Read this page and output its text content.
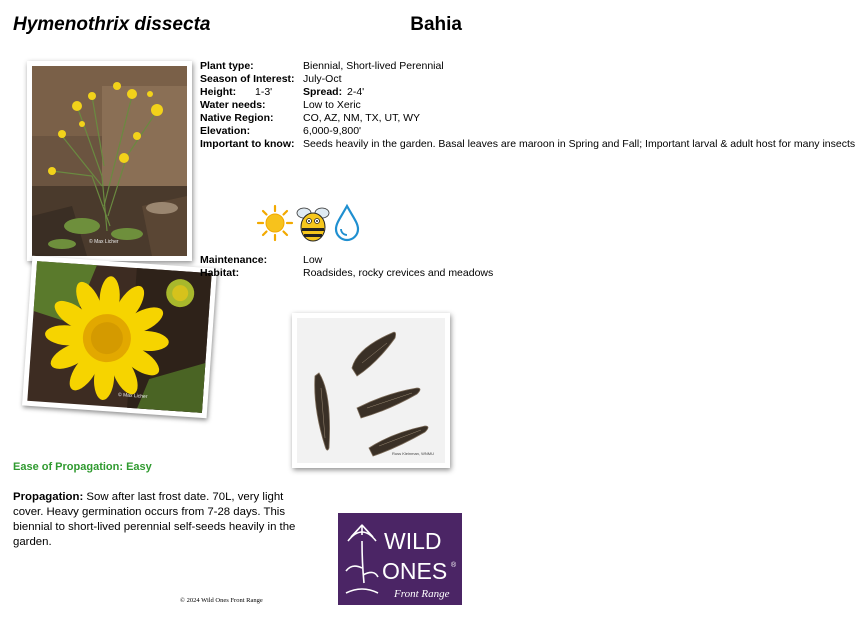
Hymenothrix dissecta	Bahia
© Max Licher
© Max Licher
Plant type:	Biennial, Short-lived Perennial
Season of Interest: July-Oct
Height: 1-3'	Spread: 2-4'
Water needs:	Low to Xeric
Native Region:	CO, AZ, NM, TX, UT, WY
Elevation:	6,000-9,800'
Important to know: Seeds heavily in the garden. Basal leaves are maroon in Spring and Fall; Important larval & adult host for many insects
Maintenance:	Low
Habitat:	Roadsides, rocky crevices and meadows
Russ Kleinman, WNMU
Ease of Propagation: Easy
Propagation: Sow after last frost date. 70L, very light cover. Heavy germination occurs from 7-28 days. This biennial to short-lived perennial self-seeds heavily in the garden.	WILD
ONES ®
Front Range
© 2024 Wild Ones Front Range
